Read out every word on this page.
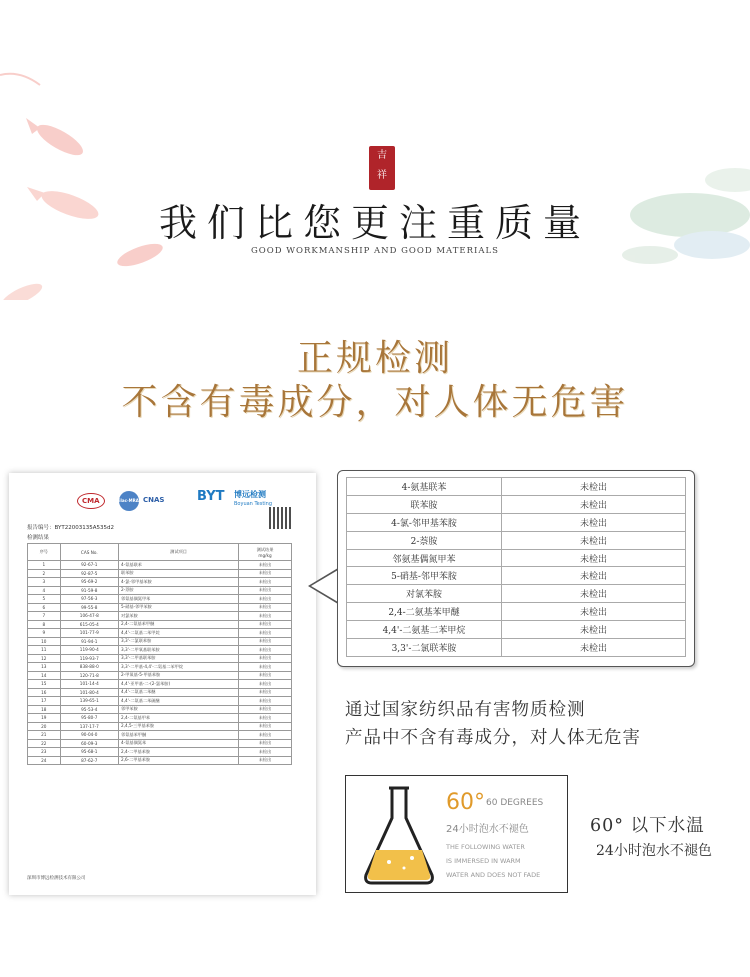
吉
祥
我们比您更注重质量
GOOD WORKMANSHIP AND GOOD MATERIALS
正规检测
不含有毒成分，对人体无危害
CMA	ilac-MRA CNAS	BYT 博远检测
Boyuan Testing
报告编号：BYT22003135A535d2
检测结果
序号	CAS No.	测试项目	测试结果
mg/kg
1	92-67-1	4-氨基联苯	未检出
2	92-87-5	联苯胺	未检出
3	95-69-2	4-氯-邻甲基苯胺	未检出
4	91-59-8	2-萘胺	未检出
5	97-56-3	邻氨基偶氮甲苯	未检出
6	99-55-8	5-硝基-邻甲苯胺	未检出
7	106-47-8	对氯苯胺	未检出
8	615-05-4	2,4-二氨基苯甲醚	未检出
9	101-77-9	4,4'-二氨基二苯甲烷	未检出
10	91-94-1	3,3'-二氯联苯胺	未检出
11	119-90-4	3,3'-二甲氧基联苯胺	未检出
12	119-93-7	3,3'-二甲基联苯胺	未检出
13	838-88-0	3,3'-二甲基-4,4'-二氨基二苯甲烷	未检出
14	120-71-8	2-甲氧基-5-甲基苯胺	未检出
15	101-14-4	4,4'-亚甲基-二-(2-氯苯胺)	未检出
16	101-80-4	4,4'-二氨基二苯醚	未检出
17	139-65-1	4,4'-二氨基二苯硫醚	未检出
18	95-53-4	邻甲苯胺	未检出
19	95-80-7	2,4-二氨基甲苯	未检出
20	137-17-7	2,4,5-三甲基苯胺	未检出
21	90-04-0	邻氨基苯甲醚	未检出
22	60-09-3	4-氨基偶氮苯	未检出
23	95-68-1	2,4-二甲基苯胺	未检出
24	87-62-7	2,6-二甲基苯胺	未检出
深圳市博远检测技术有限公司
4-氨基联苯	未检出
联苯胺	未检出
4-氯-邻甲基苯胺	未检出
2-萘胺	未检出
邻氨基偶氮甲苯	未检出
5-硝基-邻甲苯胺	未检出
对氯苯胺	未检出
2,4-二氨基苯甲醚	未检出
4,4'-二氨基二苯甲烷	未检出
3,3'-二氯联苯胺	未检出
通过国家纺织品有害物质检测
产品中不含有毒成分，对人体无危害
60° 60 DEGREES
24小时泡水不褪色
THE FOLLOWING WATER
IS IMMERSED IN WARM
WATER AND DOES NOT FADE
60° 以下水温
24小时泡水不褪色
